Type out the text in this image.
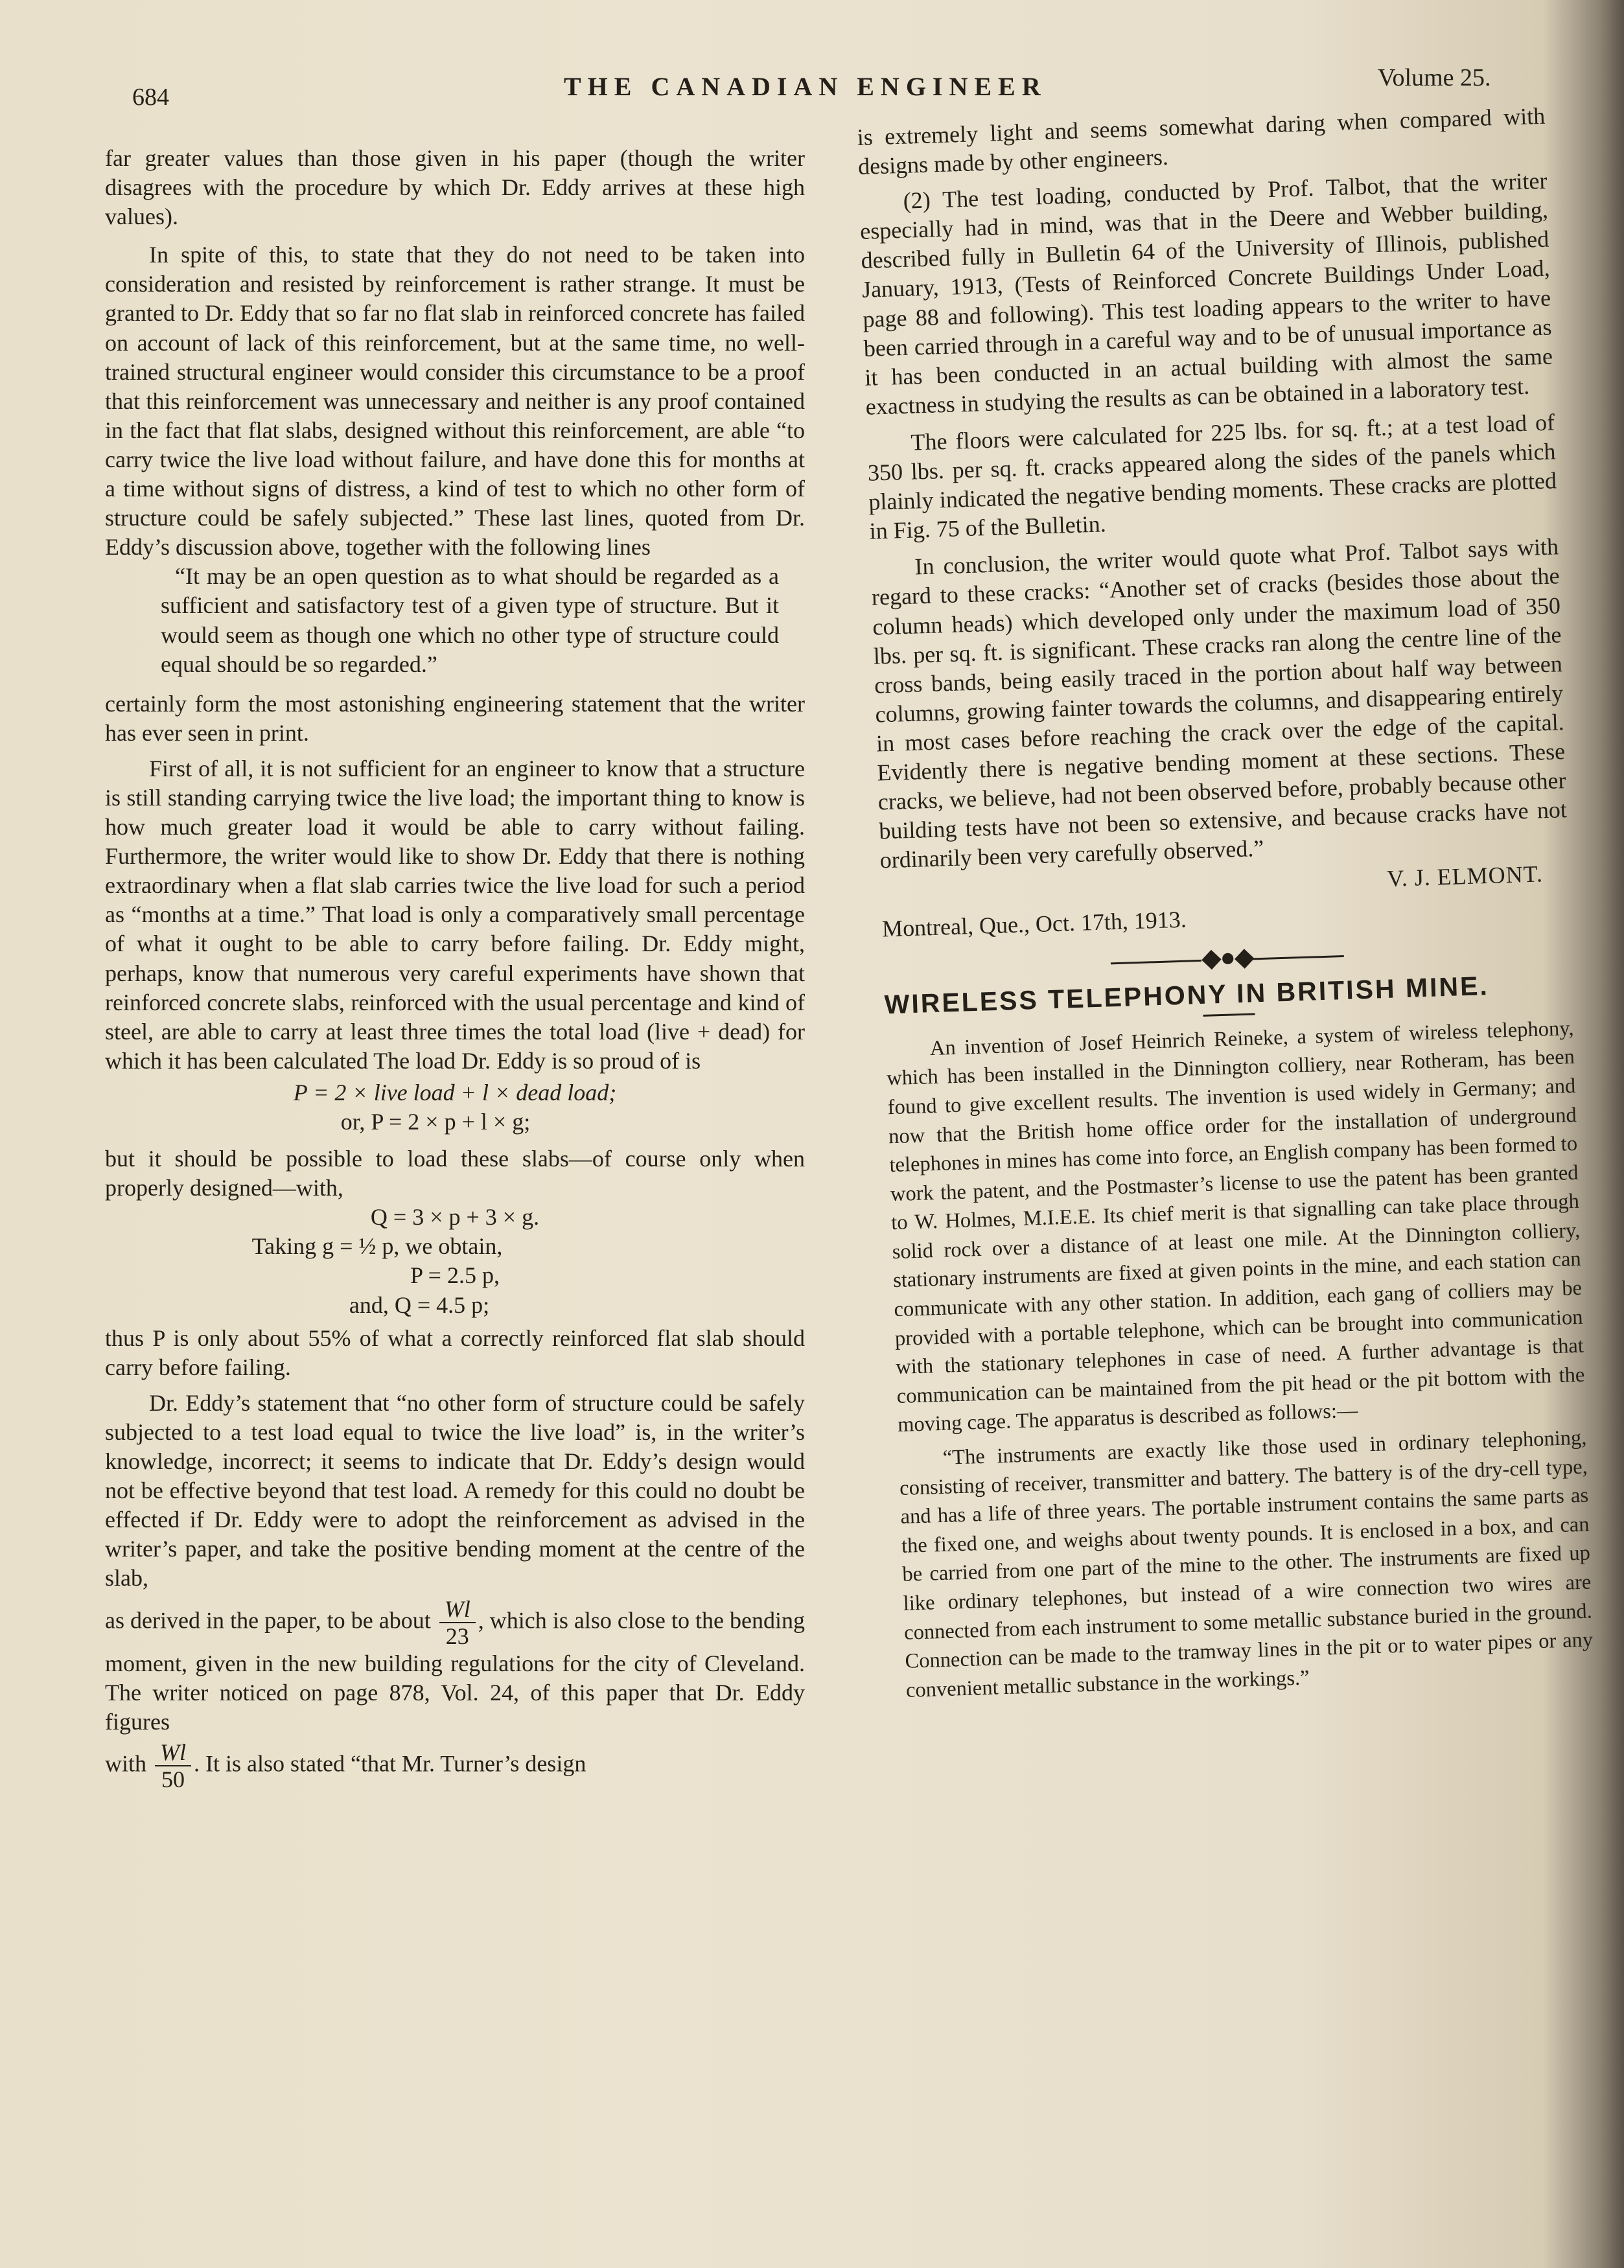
684	THE CANADIAN ENGINEER	Volume 25.

far greater values than those given in his paper (though the writer disagrees with the procedure by which Dr. Eddy arrives at these high values).

In spite of this, to state that they do not need to be taken into consideration and resisted by reinforcement is rather strange. It must be granted to Dr. Eddy that so far no flat slab in reinforced concrete has failed on account of lack of this reinforcement, but at the same time, no well-trained structural engineer would consider this circumstance to be a proof that this reinforcement was unnecessary and neither is any proof contained in the fact that flat slabs, designed without this reinforcement, are able “to carry twice the live load without failure, and have done this for months at a time without signs of distress, a kind of test to which no other form of structure could be safely subjected.” These last lines, quoted from Dr. Eddy’s discussion above, together with the following lines

“It may be an open question as to what should be regarded as a sufficient and satisfactory test of a given type of structure. But it would seem as though one which no other type of structure could equal should be so regarded.”

certainly form the most astonishing engineering statement that the writer has ever seen in print.

First of all, it is not sufficient for an engineer to know that a structure is still standing carrying twice the live load; the important thing to know is how much greater load it would be able to carry without failing. Furthermore, the writer would like to show Dr. Eddy that there is nothing extraordinary when a flat slab carries twice the live load for such a period as “months at a time.” That load is only a comparatively small percentage of what it ought to be able to carry before failing. Dr. Eddy might, perhaps, know that numerous very careful experiments have shown that reinforced concrete slabs, reinforced with the usual percentage and kind of steel, are able to carry at least three times the total load (live + dead) for which it has been calculated The load Dr. Eddy is so proud of is

P = 2 × live load + l × dead load;

or, P = 2 × p + l × g;

but it should be possible to load these slabs—of course only when properly designed—with,

Q = 3 × p + 3 × g.

Taking g = ½ p, we obtain,

P = 2.5 p,

and, Q = 4.5 p;

thus P is only about 55% of what a correctly reinforced flat slab should carry before failing.

Dr. Eddy’s statement that “no other form of structure could be safely subjected to a test load equal to twice the live load” is, in the writer’s knowledge, incorrect; it seems to indicate that Dr. Eddy’s design would not be effective beyond that test load. A remedy for this could no doubt be effected if Dr. Eddy were to adopt the reinforcement as advised in the writer’s paper, and take the positive bending moment at the centre of the slab,

as derived in the paper, to be about $\frac{Wl}{23}$ , which is also close to the bending moment, given in the new building regulations for the city of Cleveland. The writer noticed on page 878, Vol. 24, of this paper that Dr. Eddy figures

with $\frac{Wl}{50}$ . It is also stated “that Mr. Turner’s design

is extremely light and seems somewhat daring when compared with designs made by other engineers.

(2) The test loading, conducted by Prof. Talbot, that the writer especially had in mind, was that in the Deere and Webber building, described fully in Bulletin 64 of the University of Illinois, published January, 1913, (Tests of Reinforced Concrete Buildings Under Load, page 88 and following). This test loading appears to the writer to have been carried through in a careful way and to be of unusual importance as it has been conducted in an actual building with almost the same exactness in studying the results as can be obtained in a laboratory test.

The floors were calculated for 225 lbs. for sq. ft.; at a test load of 350 lbs. per sq. ft. cracks appeared along the sides of the panels which plainly indicated the negative bending moments. These cracks are plotted in Fig. 75 of the Bulletin.

In conclusion, the writer would quote what Prof. Talbot says with regard to these cracks: “Another set of cracks (besides those about the column heads) which developed only under the maximum load of 350 lbs. per sq. ft. is significant. These cracks ran along the centre line of the cross bands, being easily traced in the portion about half way between columns, growing fainter towards the columns, and disappearing entirely in most cases before reaching the crack over the edge of the capital. Evidently there is negative bending moment at these sections. These cracks, we believe, had not been observed before, probably because other building tests have not been so extensive, and because cracks have not ordinarily been very carefully observed.”

V. J. ELMONT.

Montreal, Que., Oct. 17th, 1913.

◆●◆
WIRELESS TELEPHONY IN BRITISH MINE.

An invention of Josef Heinrich Reineke, a system of wireless telephony, which has been installed in the Dinnington colliery, near Rotheram, has been found to give excellent results. The invention is used widely in Germany; and now that the British home office order for the installation of underground telephones in mines has come into force, an English company has been formed to work the patent, and the Postmaster’s license to use the patent has been granted to W. Holmes, M.I.E.E. Its chief merit is that signalling can take place through solid rock over a distance of at least one mile. At the Dinnington colliery, stationary instruments are fixed at given points in the mine, and each station can communicate with any other station. In addition, each gang of colliers may be provided with a portable telephone, which can be brought into communication with the stationary telephones in case of need. A further advantage is that communication can be maintained from the pit head or the pit bottom with the moving cage. The apparatus is described as follows:—

“The instruments are exactly like those used in ordinary telephoning, consisting of receiver, transmitter and battery. The battery is of the dry-cell type, and has a life of three years. The portable instrument contains the same parts as the fixed one, and weighs about twenty pounds. It is enclosed in a box, and can be carried from one part of the mine to the other. The instruments are fixed up like ordinary telephones, but instead of a wire connection two wires are connected from each instrument to some metallic substance buried in the ground. Connection can be made to the tramway lines in the pit or to water pipes or any convenient metallic substance in the workings.”
